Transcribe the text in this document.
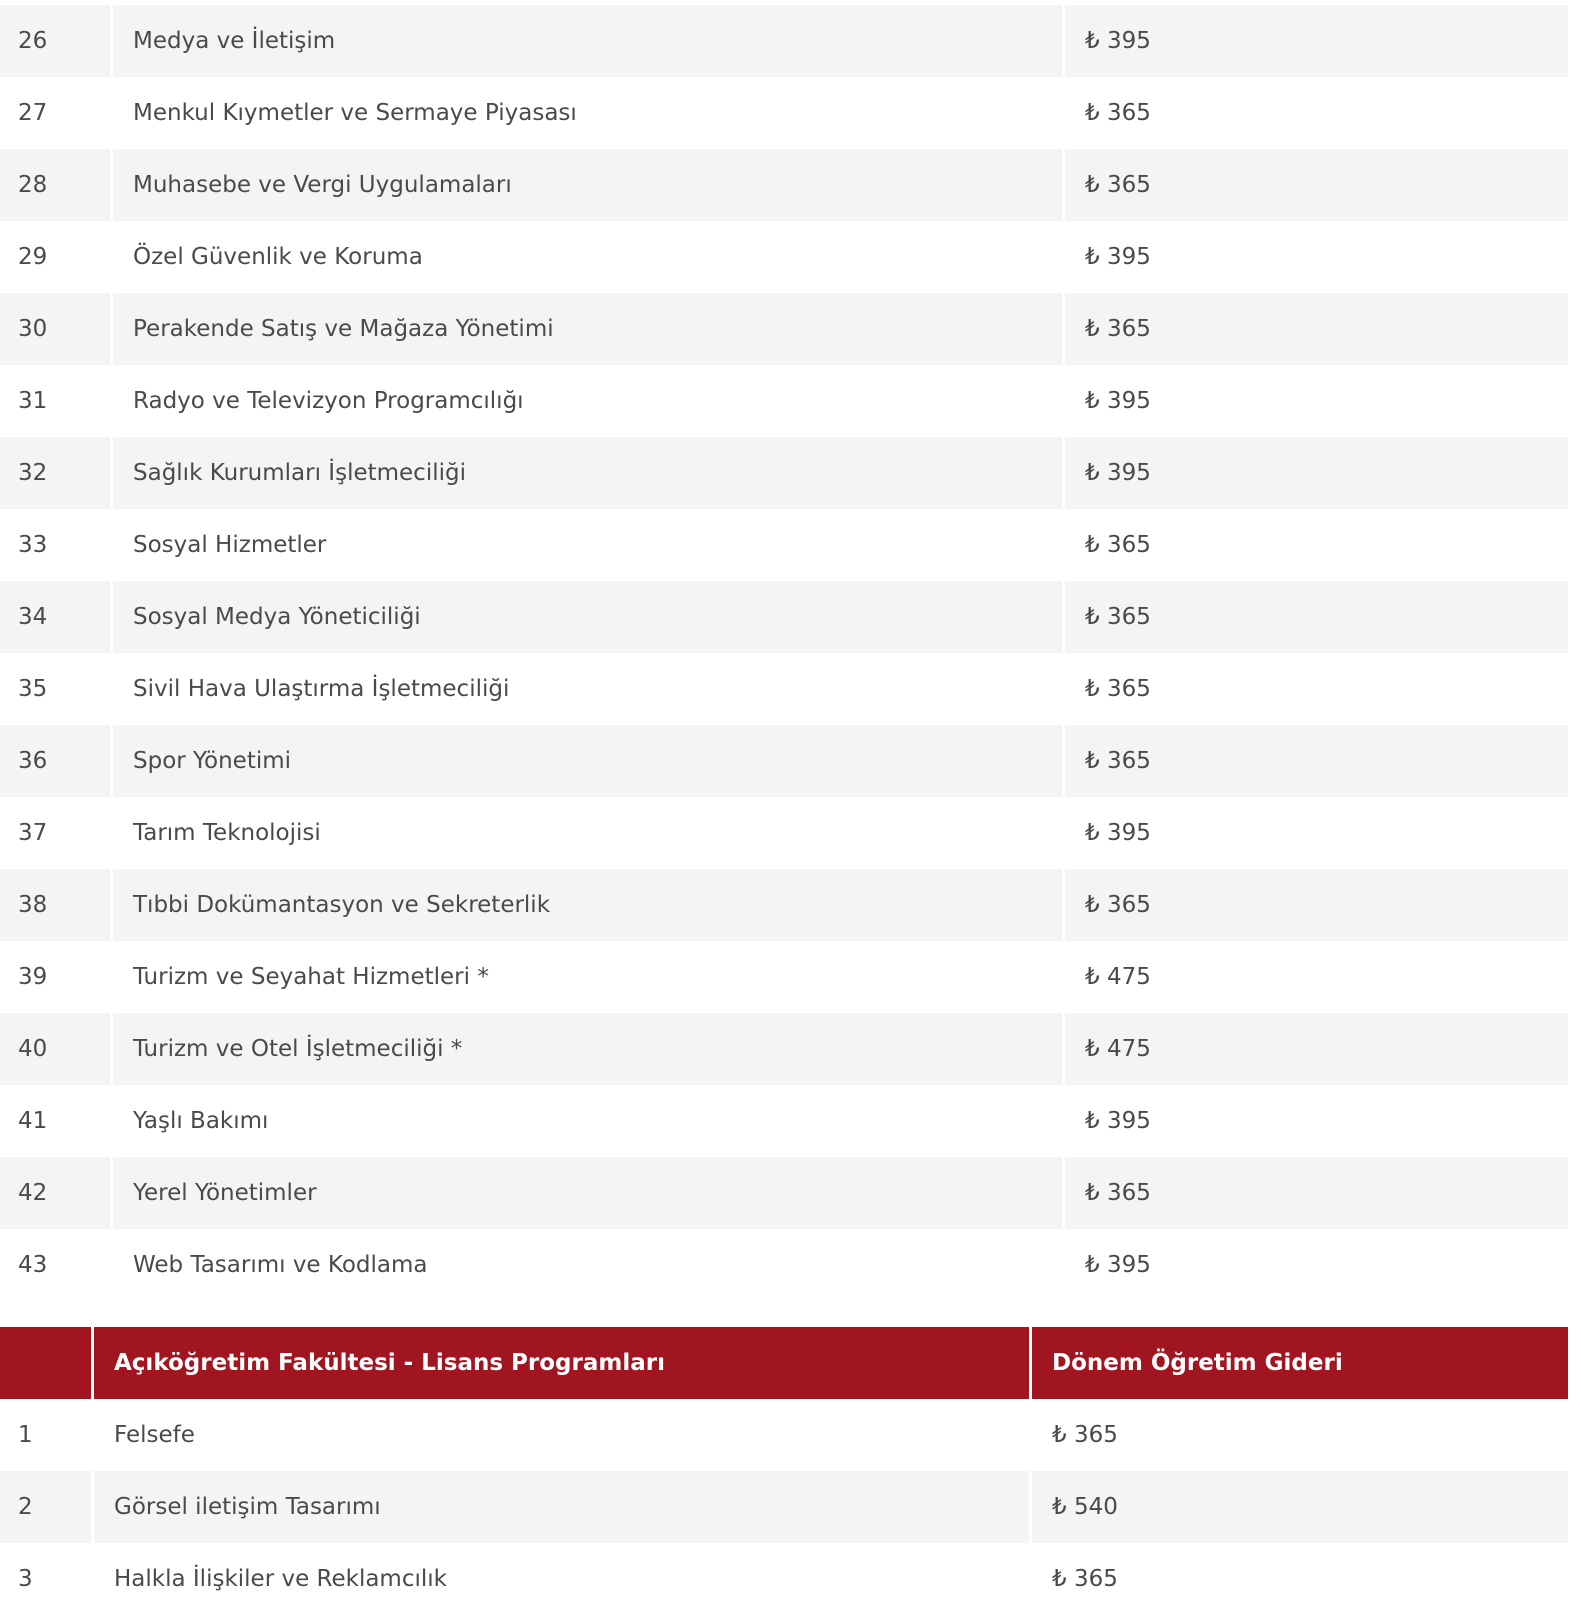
26	Medya ve İletişim	₺ 395
27	Menkul Kıymetler ve Sermaye Piyasası	₺ 365
28	Muhasebe ve Vergi Uygulamaları	₺ 365
29	Özel Güvenlik ve Koruma	₺ 395
30	Perakende Satış ve Mağaza Yönetimi	₺ 365
31	Radyo ve Televizyon Programcılığı	₺ 395
32	Sağlık Kurumları İşletmeciliği	₺ 395
33	Sosyal Hizmetler	₺ 365
34	Sosyal Medya Yöneticiliği	₺ 365
35	Sivil Hava Ulaştırma İşletmeciliği	₺ 365
36	Spor Yönetimi	₺ 365
37	Tarım Teknolojisi	₺ 395
38	Tıbbi Dokümantasyon ve Sekreterlik	₺ 365
39	Turizm ve Seyahat Hizmetleri *	₺ 475
40	Turizm ve Otel İşletmeciliği *	₺ 475
41	Yaşlı Bakımı	₺ 395
42	Yerel Yönetimler	₺ 365
43	Web Tasarımı ve Kodlama	₺ 395
	Açıköğretim Fakültesi - Lisans Programları	Dönem Öğretim Gideri
1	Felsefe	₺ 365
2	Görsel iletişim Tasarımı	₺ 540
3	Halkla İlişkiler ve Reklamcılık	₺ 365
